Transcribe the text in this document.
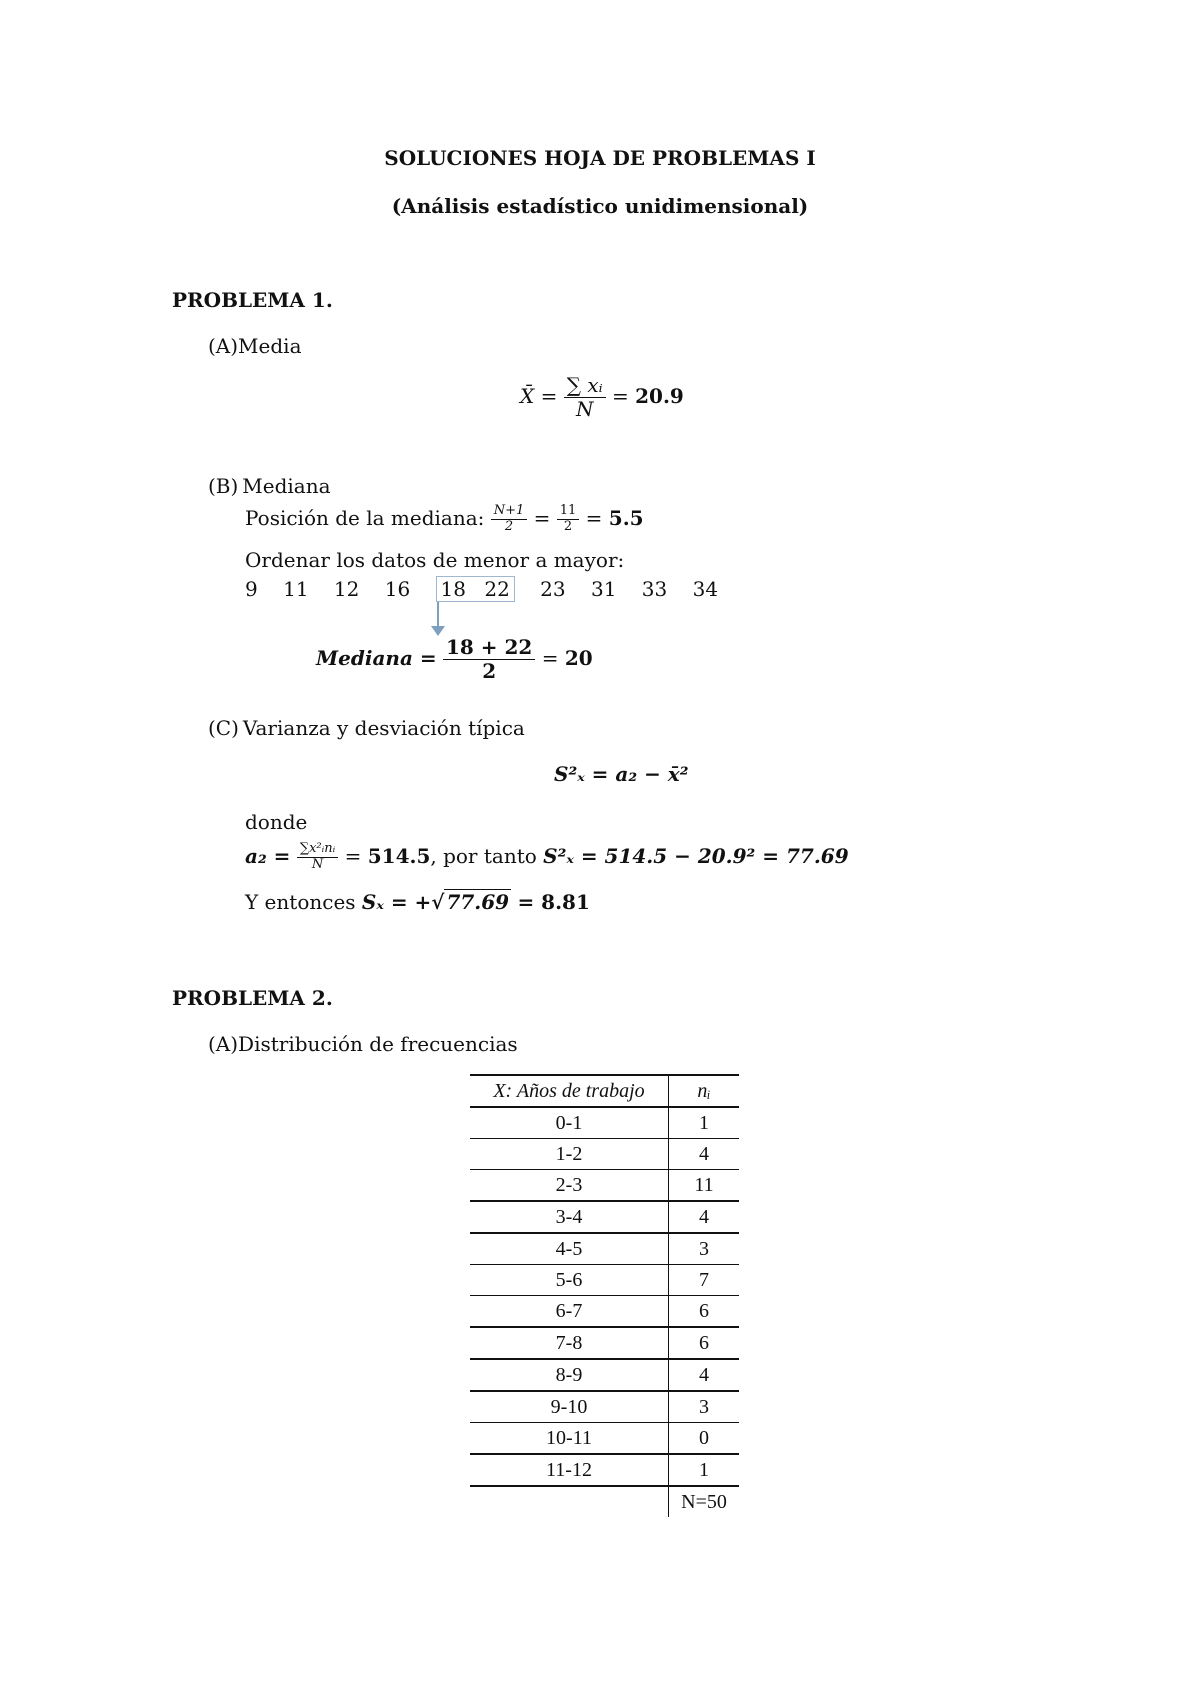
SOLUCIONES HOJA DE PROBLEMAS I
(Análisis estadístico unidimensional)
PROBLEMA 1.
(A)Media
X̄ = $\frac{\text{∑ xᵢ}}{N} = 20.9$
(B) Mediana
Posición de la mediana: $\frac{N+1}{2} = \frac{11}{2} = 5.5$
Ordenar los datos de menor a mayor:
9 11 12 16 18 22 23 31 33 34
Mediana = $\frac{18 + 22}{2} = 20$
(C) Varianza y desviación típica
S²ₓ = a₂ − x̄²
donde
$a_2 = \frac{\text{∑x²ᵢnᵢ}}{N} = 514.5$, por tanto S²ₓ = 514.5 − 20.9² = 77.69
Y entonces Sₓ = +√ 77.69 = 8.81
PROBLEMA 2.
(A)Distribución de frecuencias
X: Años de trabajo	nᵢ
0-1	1
1-2	4
2-3	11
3-4	4
4-5	3
5-6	7
6-7	6
7-8	6
8-9	4
9-10	3
10-11	0
11-12	1
	N=50
